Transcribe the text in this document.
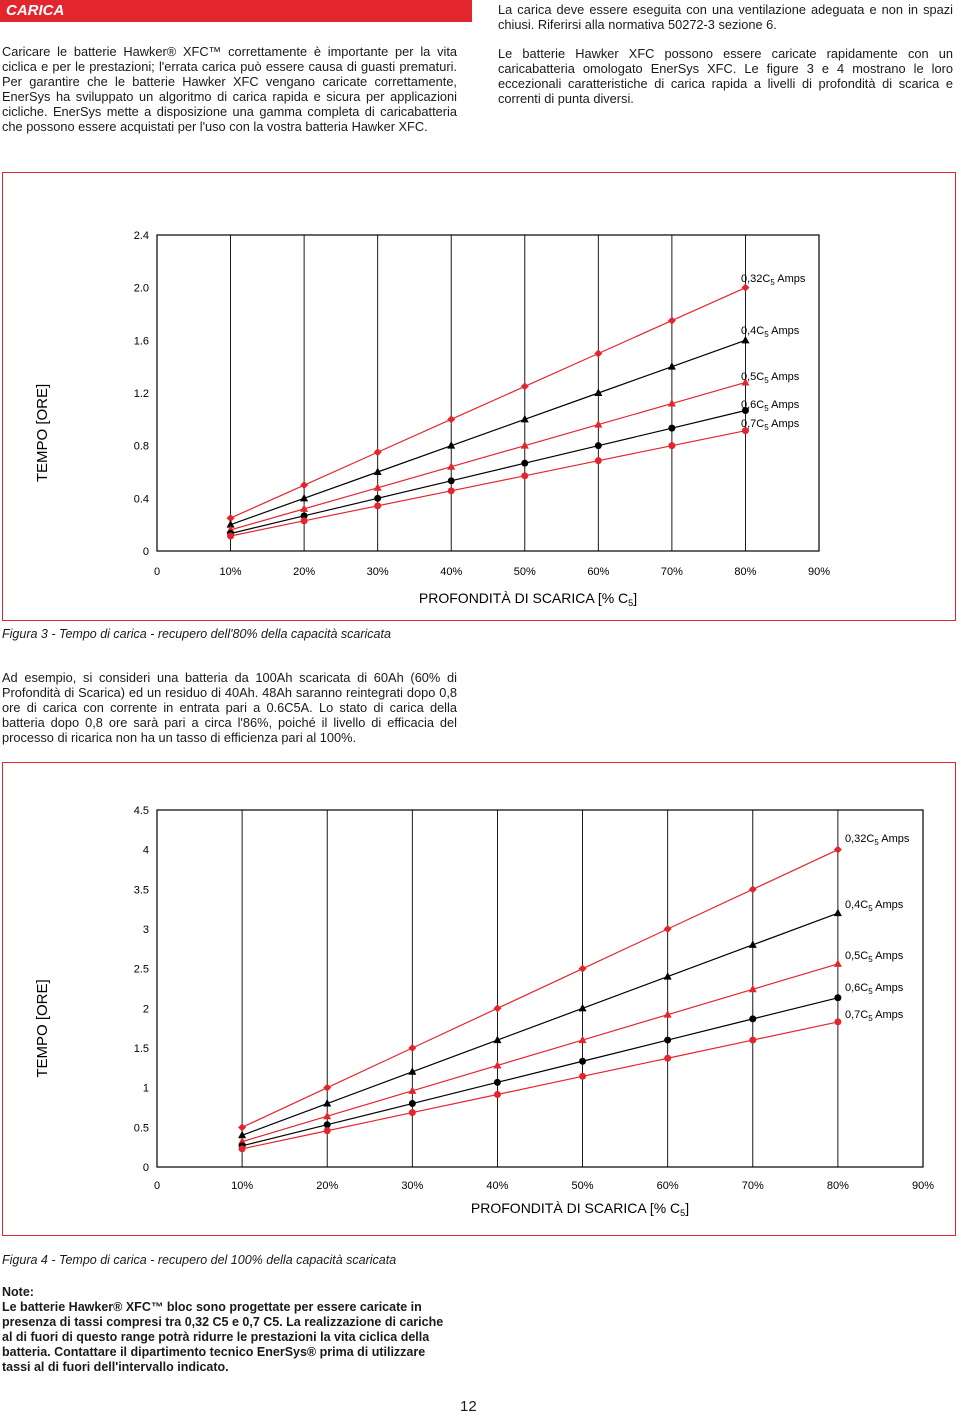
CARICA

Caricare le batterie Hawker® XFC™ correttamente è importante per la vita ciclica e per le prestazioni; l'errata carica può essere causa di guasti prematuri. Per garantire che le batterie Hawker XFC vengano caricate correttamente, EnerSys ha sviluppato un algoritmo di carica rapida e sicura per applicazioni cicliche. EnerSys mette a disposizione una gamma completa di caricabatteria che possono essere acquistati per l'uso con la vostra batteria Hawker XFC.

La carica deve essere eseguita con una ventilazione adeguata e non in spazi chiusi. Riferirsi alla normativa 50272-3 sezione 6.

Le batterie Hawker XFC possono essere caricate rapidamente con un caricabatteria omologato EnerSys XFC. Le figure 3 e 4 mostrano le loro eccezionali caratteristiche di carica rapida a livelli di profondità di scarica e correnti di punta diversi.

0	10%	20%	30%	40%	50%	60%	70%	80%	90%
0
0.4
0.8
1.2
1.6
2.0
2.4
TEMPO [ORE]
PROFONDITÀ DI SCARICA [% $C_5$]
$0,32C_5$ Amps
$0,4C_5$ Amps
$0,5C_5$ Amps
$0,6C_5$ Amps
$0,7C_5$ Amps
Figura 3 - Tempo di carica - recupero dell'80% della capacità scaricata

Ad esempio, si consideri una batteria da 100Ah scaricata di 60Ah (60% di Profondità di Scarica) ed un residuo di 40Ah. 48Ah saranno reintegrati dopo 0,8 ore di carica con corrente in entrata pari a 0.6C5A. Lo stato di carica della batteria dopo 0,8 ore sarà pari a circa l'86%, poiché il livello di efficacia del processo di ricarica non ha un tasso di efficienza pari al 100%.

0	10%	20%	30%	40%	50%	60%	70%	80%	90%
0
0.5
1
1.5
2
2.5
3
3.5
4
4.5
TEMPO [ORE]
PROFONDITÀ DI SCARICA [% $C_5$]
$0,32C_5$ Amps
$0,4C_5$ Amps
$0,5C_5$ Amps
$0,6C_5$ Amps
$0,7C_5$ Amps
Figura 4 - Tempo di carica - recupero del 100% della capacità scaricata
Note:
Le batterie Hawker® XFC™ bloc sono progettate per essere caricate in presenza di tassi compresi tra 0,32 C5 e 0,7 C5. La realizzazione di cariche al di fuori di questo range potrà ridurre le prestazioni la vita ciclica della batteria. Contattare il dipartimento tecnico EnerSys® prima di utilizzare tassi al di fuori dell'intervallo indicato.
12
